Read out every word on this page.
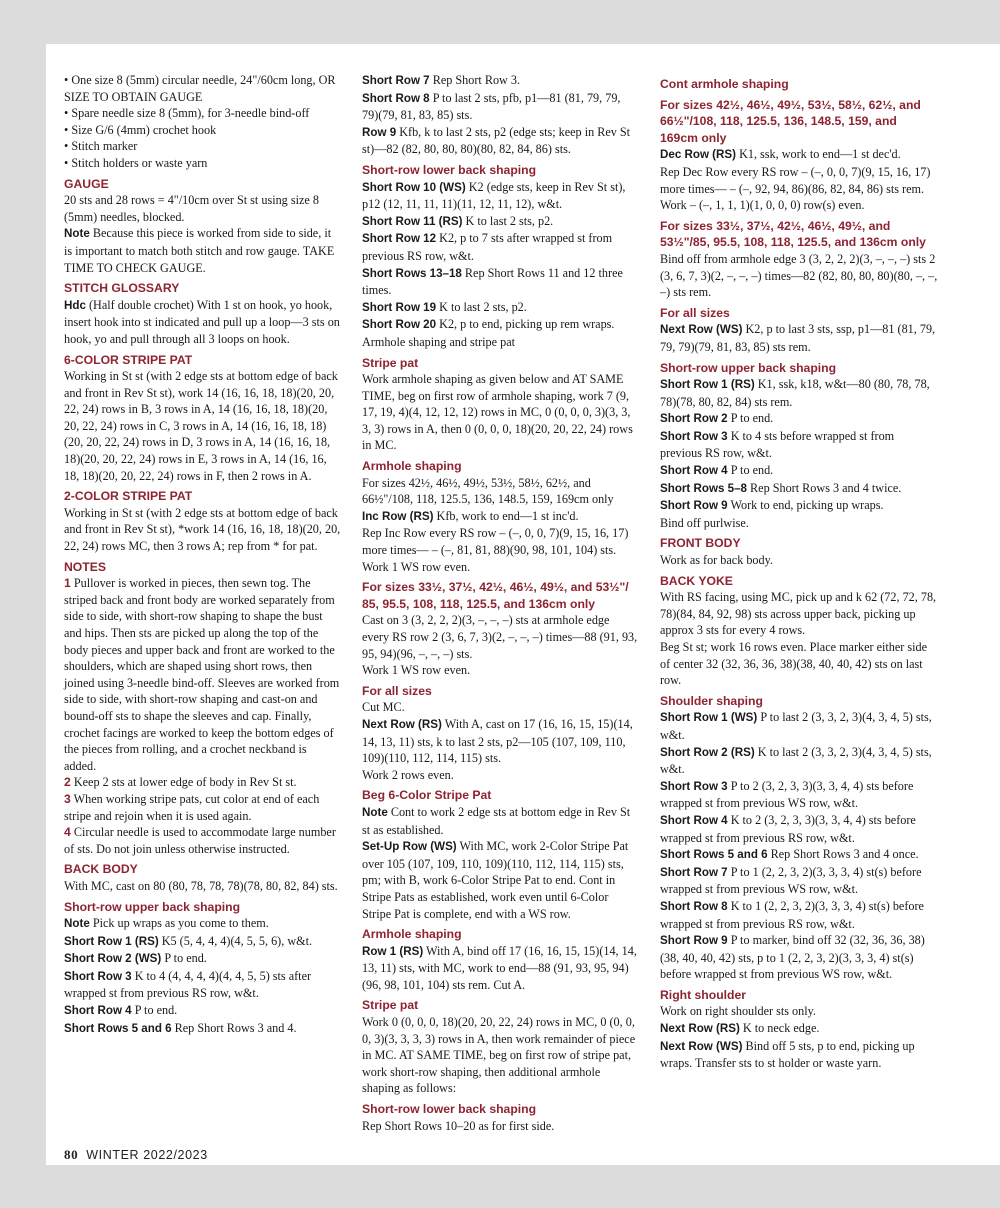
• One size 8 (5mm) circular needle, 24"/60cm long, OR SIZE TO OBTAIN GAUGE
• Spare needle size 8 (5mm), for 3-needle bind-off
• Size G/6 (4mm) crochet hook
• Stitch marker
• Stitch holders or waste yarn
GAUGE
20 sts and 28 rows = 4"/10cm over St st using size 8 (5mm) needles, blocked.
Note Because this piece is worked from side to side, it is important to match both stitch and row gauge. TAKE TIME TO CHECK GAUGE.
STITCH GLOSSARY
Hdc (Half double crochet) With 1 st on hook, yo hook, insert hook into st indicated and pull up a loop—3 sts on hook, yo and pull through all 3 loops on hook.
6-COLOR STRIPE PAT
Working in St st (with 2 edge sts at bottom edge of back and front in Rev St st), work 14 (16, 16, 18, 18)(20, 20, 22, 24) rows in B, 3 rows in A, 14 (16, 16, 18, 18)(20, 20, 22, 24) rows in C, 3 rows in A, 14 (16, 16, 18, 18)(20, 20, 22, 24) rows in D, 3 rows in A, 14 (16, 16, 18, 18)(20, 20, 22, 24) rows in E, 3 rows in A, 14 (16, 16, 18, 18)(20, 20, 22, 24) rows in F, then 2 rows in A.
2-COLOR STRIPE PAT
Working in St st (with 2 edge sts at bottom edge of back and front in Rev St st), *work 14 (16, 16, 18, 18)(20, 20, 22, 24) rows MC, then 3 rows A; rep from * for pat.
NOTES
1 Pullover is worked in pieces, then sewn tog. The striped back and front body are worked separately from side to side, with short-row shaping to shape the bust and hips. Then sts are picked up along the top of the body pieces and upper back and front are worked to the shoulders, which are shaped using short rows, then joined using 3-needle bind-off. Sleeves are worked from side to side, with short-row shaping and cast-on and bound-off sts to shape the sleeves and cap. Finally, crochet facings are worked to keep the bottom edges of the pieces from rolling, and a crochet neckband is added.
2 Keep 2 sts at lower edge of body in Rev St st.
3 When working stripe pats, cut color at end of each stripe and rejoin when it is used again.
4 Circular needle is used to accommodate large number of sts. Do not join unless otherwise instructed.
BACK BODY
With MC, cast on 80 (80, 78, 78, 78)(78, 80, 82, 84) sts.
Short-row upper back shaping
Note Pick up wraps as you come to them.
Short Row 1 (RS) K5 (5, 4, 4, 4)(4, 5, 5, 6), w&t.
Short Row 2 (WS) P to end.
Short Row 3 K to 4 (4, 4, 4, 4)(4, 4, 5, 5) sts after wrapped st from previous RS row, w&t.
Short Row 4 P to end.
Short Rows 5 and 6 Rep Short Rows 3 and 4.
Short Row 7 Rep Short Row 3.
Short Row 8 P to last 2 sts, pfb, p1—81 (81, 79, 79, 79)(79, 81, 83, 85) sts.
Row 9 Kfb, k to last 2 sts, p2 (edge sts; keep in Rev St st)—82 (82, 80, 80, 80)(80, 82, 84, 86) sts.
Short-row lower back shaping
Short Row 10 (WS) K2 (edge sts, keep in Rev St st), p12 (12, 11, 11, 11)(11, 12, 11, 12), w&t.
Short Row 11 (RS) K to last 2 sts, p2.
Short Row 12 K2, p to 7 sts after wrapped st from previous RS row, w&t.
Short Rows 13–18 Rep Short Rows 11 and 12 three times.
Short Row 19 K to last 2 sts, p2.
Short Row 20 K2, p to end, picking up rem wraps. Armhole shaping and stripe pat
Stripe pat
Work armhole shaping as given below and AT SAME TIME, beg on first row of armhole shaping, work 7 (9, 17, 19, 4)(4, 12, 12, 12) rows in MC, 0 (0, 0, 0, 3)(3, 3, 3, 3) rows in A, then 0 (0, 0, 0, 18)(20, 20, 22, 24) rows in MC.
Armhole shaping
For sizes 42½, 46½, 49½, 53½, 58½, 62½, and 66½"/108, 118, 125.5, 136, 148.5, 159, 169cm only
Inc Row (RS) Kfb, work to end—1 st inc'd.
Rep Inc Row every RS row – (–, 0, 0, 7)(9, 15, 16, 17) more times— – (–, 81, 81, 88)(90, 98, 101, 104) sts.
Work 1 WS row even.
For sizes 33½, 37½, 42½, 46½, 49½, and 53½"/ 85, 95.5, 108, 118, 125.5, and 136cm only
Cast on 3 (3, 2, 2, 2)(3, –, –, –) sts at armhole edge every RS row 2 (3, 6, 7, 3)(2, –, –, –) times—88 (91, 93, 95, 94)(96, –, –, –) sts.
Work 1 WS row even.
For all sizes
Cut MC.
Next Row (RS) With A, cast on 17 (16, 16, 15, 15)(14, 14, 13, 11) sts, k to last 2 sts, p2—105 (107, 109, 110, 109)(110, 112, 114, 115) sts.
Work 2 rows even.
Beg 6-Color Stripe Pat
Note Cont to work 2 edge sts at bottom edge in Rev St st as established.
Set-Up Row (WS) With MC, work 2-Color Stripe Pat over 105 (107, 109, 110, 109)(110, 112, 114, 115) sts, pm; with B, work 6-Color Stripe Pat to end. Cont in Stripe Pats as established, work even until 6-Color Stripe Pat is complete, end with a WS row.
Armhole shaping
Row 1 (RS) With A, bind off 17 (16, 16, 15, 15)(14, 14, 13, 11) sts, with MC, work to end—88 (91, 93, 95, 94)(96, 98, 101, 104) sts rem. Cut A.
Stripe pat
Work 0 (0, 0, 0, 18)(20, 20, 22, 24) rows in MC, 0 (0, 0, 0, 3)(3, 3, 3, 3) rows in A, then work remainder of piece in MC. AT SAME TIME, beg on first row of stripe pat, work short-row shaping, then additional armhole shaping as follows:
Short-row lower back shaping
Rep Short Rows 10–20 as for first side.
Cont armhole shaping
For sizes 42½, 46½, 49½, 53½, 58½, 62½, and 66½"/108, 118, 125.5, 136, 148.5, 159, and 169cm only
Dec Row (RS) K1, ssk, work to end—1 st dec'd.
Rep Dec Row every RS row – (–, 0, 0, 7)(9, 15, 16, 17) more times— – (–, 92, 94, 86)(86, 82, 84, 86) sts rem.
Work – (–, 1, 1, 1)(1, 0, 0, 0) row(s) even.
For sizes 33½, 37½, 42½, 46½, 49½, and 53½"/85, 95.5, 108, 118, 125.5, and 136cm only
Bind off from armhole edge 3 (3, 2, 2, 2)(3, –, –, –) sts 2 (3, 6, 7, 3)(2, –, –, –) times—82 (82, 80, 80, 80)(80, –, –, –) sts rem.
For all sizes
Next Row (WS) K2, p to last 3 sts, ssp, p1—81 (81, 79, 79, 79)(79, 81, 83, 85) sts rem.
Short-row upper back shaping
Short Row 1 (RS) K1, ssk, k18, w&t—80 (80, 78, 78, 78)(78, 80, 82, 84) sts rem.
Short Row 2 P to end.
Short Row 3 K to 4 sts before wrapped st from previous RS row, w&t.
Short Row 4 P to end.
Short Rows 5–8 Rep Short Rows 3 and 4 twice.
Short Row 9 Work to end, picking up wraps.
Bind off purlwise.
FRONT BODY
Work as for back body.
BACK YOKE
With RS facing, using MC, pick up and k 62 (72, 72, 78, 78)(84, 84, 92, 98) sts across upper back, picking up approx 3 sts for every 4 rows.
Beg St st; work 16 rows even. Place marker either side of center 32 (32, 36, 36, 38)(38, 40, 40, 42) sts on last row.
Shoulder shaping
Short Row 1 (WS) P to last 2 (3, 3, 2, 3)(4, 3, 4, 5) sts, w&t.
Short Row 2 (RS) K to last 2 (3, 3, 2, 3)(4, 3, 4, 5) sts, w&t.
Short Row 3 P to 2 (3, 2, 3, 3)(3, 3, 4, 4) sts before wrapped st from previous WS row, w&t.
Short Row 4 K to 2 (3, 2, 3, 3)(3, 3, 4, 4) sts before wrapped st from previous RS row, w&t.
Short Rows 5 and 6 Rep Short Rows 3 and 4 once.
Short Row 7 P to 1 (2, 2, 3, 2)(3, 3, 3, 4) st(s) before wrapped st from previous WS row, w&t.
Short Row 8 K to 1 (2, 2, 3, 2)(3, 3, 3, 4) st(s) before wrapped st from previous RS row, w&t.
Short Row 9 P to marker, bind off 32 (32, 36, 36, 38)(38, 40, 40, 42) sts, p to 1 (2, 2, 3, 2)(3, 3, 3, 4) st(s) before wrapped st from previous WS row, w&t.
Right shoulder
Work on right shoulder sts only.
Next Row (RS) K to neck edge.
Next Row (WS) Bind off 5 sts, p to end, picking up wraps. Transfer sts to st holder or waste yarn.
80 WINTER 2022/2023
